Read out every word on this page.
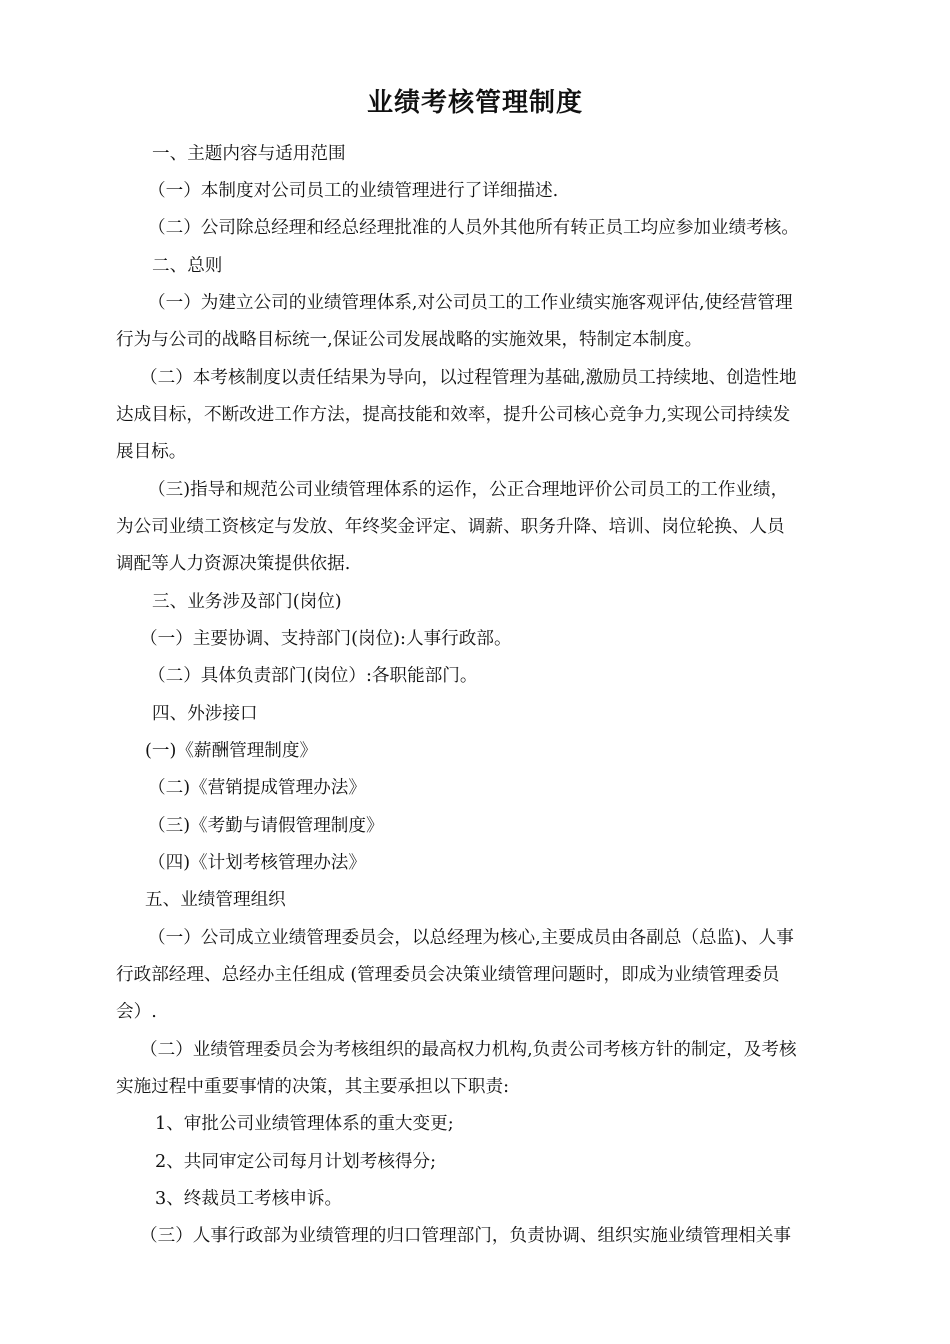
业绩考核管理制度
一、主题内容与适用范围
（一）本制度对公司员工的业绩管理进行了详细描述.
（二）公司除总经理和经总经理批准的人员外其他所有转正员工均应参加业绩考核。
二、总则
（一）为建立公司的业绩管理体系,对公司员工的工作业绩实施客观评估,使经营管理
行为与公司的战略目标统一,保证公司发展战略的实施效果，特制定本制度。
（二）本考核制度以责任结果为导向，以过程管理为基础,激励员工持续地、创造性地
达成目标，不断改进工作方法，提高技能和效率，提升公司核心竞争力,实现公司持续发
展目标。
（三)指导和规范公司业绩管理体系的运作，公正合理地评价公司员工的工作业绩，
为公司业绩工资核定与发放、年终奖金评定、调薪、职务升降、培训、岗位轮换、人员
调配等人力资源决策提供依据.
三、业务涉及部门(岗位)
（一）主要协调、支持部门(岗位):人事行政部。
（二）具体负责部门(岗位）:各职能部门。
四、外涉接口
(一)《薪酬管理制度》
（二)《营销提成管理办法》
（三)《考勤与请假管理制度》
（四)《计划考核管理办法》
五、业绩管理组织
（一）公司成立业绩管理委员会，以总经理为核心,主要成员由各副总（总监)、人事
行政部经理、总经办主任组成 (管理委员会决策业绩管理问题时，即成为业绩管理委员
会）.
（二）业绩管理委员会为考核组织的最高权力机构,负责公司考核方针的制定，及考核
实施过程中重要事情的决策，其主要承担以下职责:
1、审批公司业绩管理体系的重大变更;
2、共同审定公司每月计划考核得分;
3、终裁员工考核申诉。
（三）人事行政部为业绩管理的归口管理部门，负责协调、组织实施业绩管理相关事
